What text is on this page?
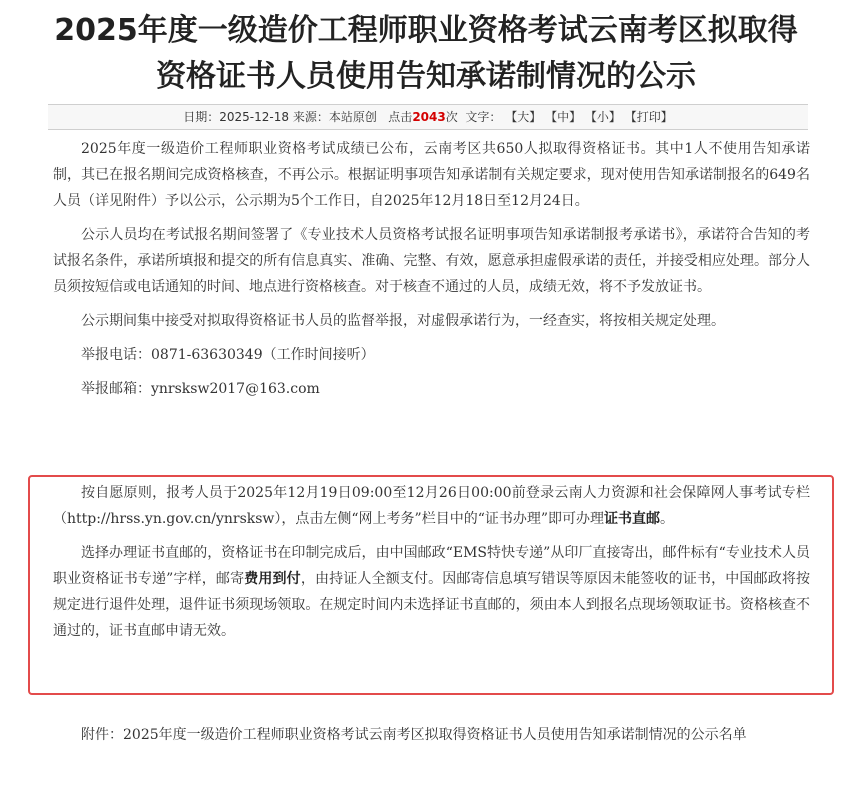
2025年度一级造价工程师职业资格考试云南考区拟取得资格证书人员使用告知承诺制情况的公示
日期：2025-12-18 来源：本站原创 点击2043次 文字： 【大】 【中】 【小】 【打印】

2025年度一级造价工程师职业资格考试成绩已公布，云南考区共650人拟取得资格证书。其中1人不使用告知承诺制，其已在报名期间完成资格核查，不再公示。根据证明事项告知承诺制有关规定要求，现对使用告知承诺制报名的649名人员（详见附件）予以公示，公示期为5个工作日，自2025年12月18日至12月24日。

公示人员均在考试报名期间签署了《专业技术人员资格考试报名证明事项告知承诺制报考承诺书》，承诺符合告知的考试报名条件，承诺所填报和提交的所有信息真实、准确、完整、有效，愿意承担虚假承诺的责任，并接受相应处理。部分人员须按短信或电话通知的时间、地点进行资格核查。对于核查不通过的人员，成绩无效，将不予发放证书。

公示期间集中接受对拟取得资格证书人员的监督举报，对虚假承诺行为，一经查实，将按相关规定处理。

举报电话：0871-63630349（工作时间接听）

举报邮箱：ynrsksw2017@163.com

按自愿原则，报考人员于2025年12月19日09:00至12月26日00:00前登录云南人力资源和社会保障网人事考试专栏（http://hrss.yn.gov.cn/ynrsksw），点击左侧“网上考务”栏目中的“证书办理”即可办理证书直邮。

选择办理证书直邮的，资格证书在印制完成后，由中国邮政“EMS特快专递”从印厂直接寄出，邮件标有“专业技术人员职业资格证书专递”字样，邮寄费用到付，由持证人全额支付。因邮寄信息填写错误等原因未能签收的证书，中国邮政将按规定进行退件处理，退件证书须现场领取。在规定时间内未选择证书直邮的，须由本人到报名点现场领取证书。资格核查不通过的，证书直邮申请无效。

附件：2025年度一级造价工程师职业资格考试云南考区拟取得资格证书人员使用告知承诺制情况的公示名单
